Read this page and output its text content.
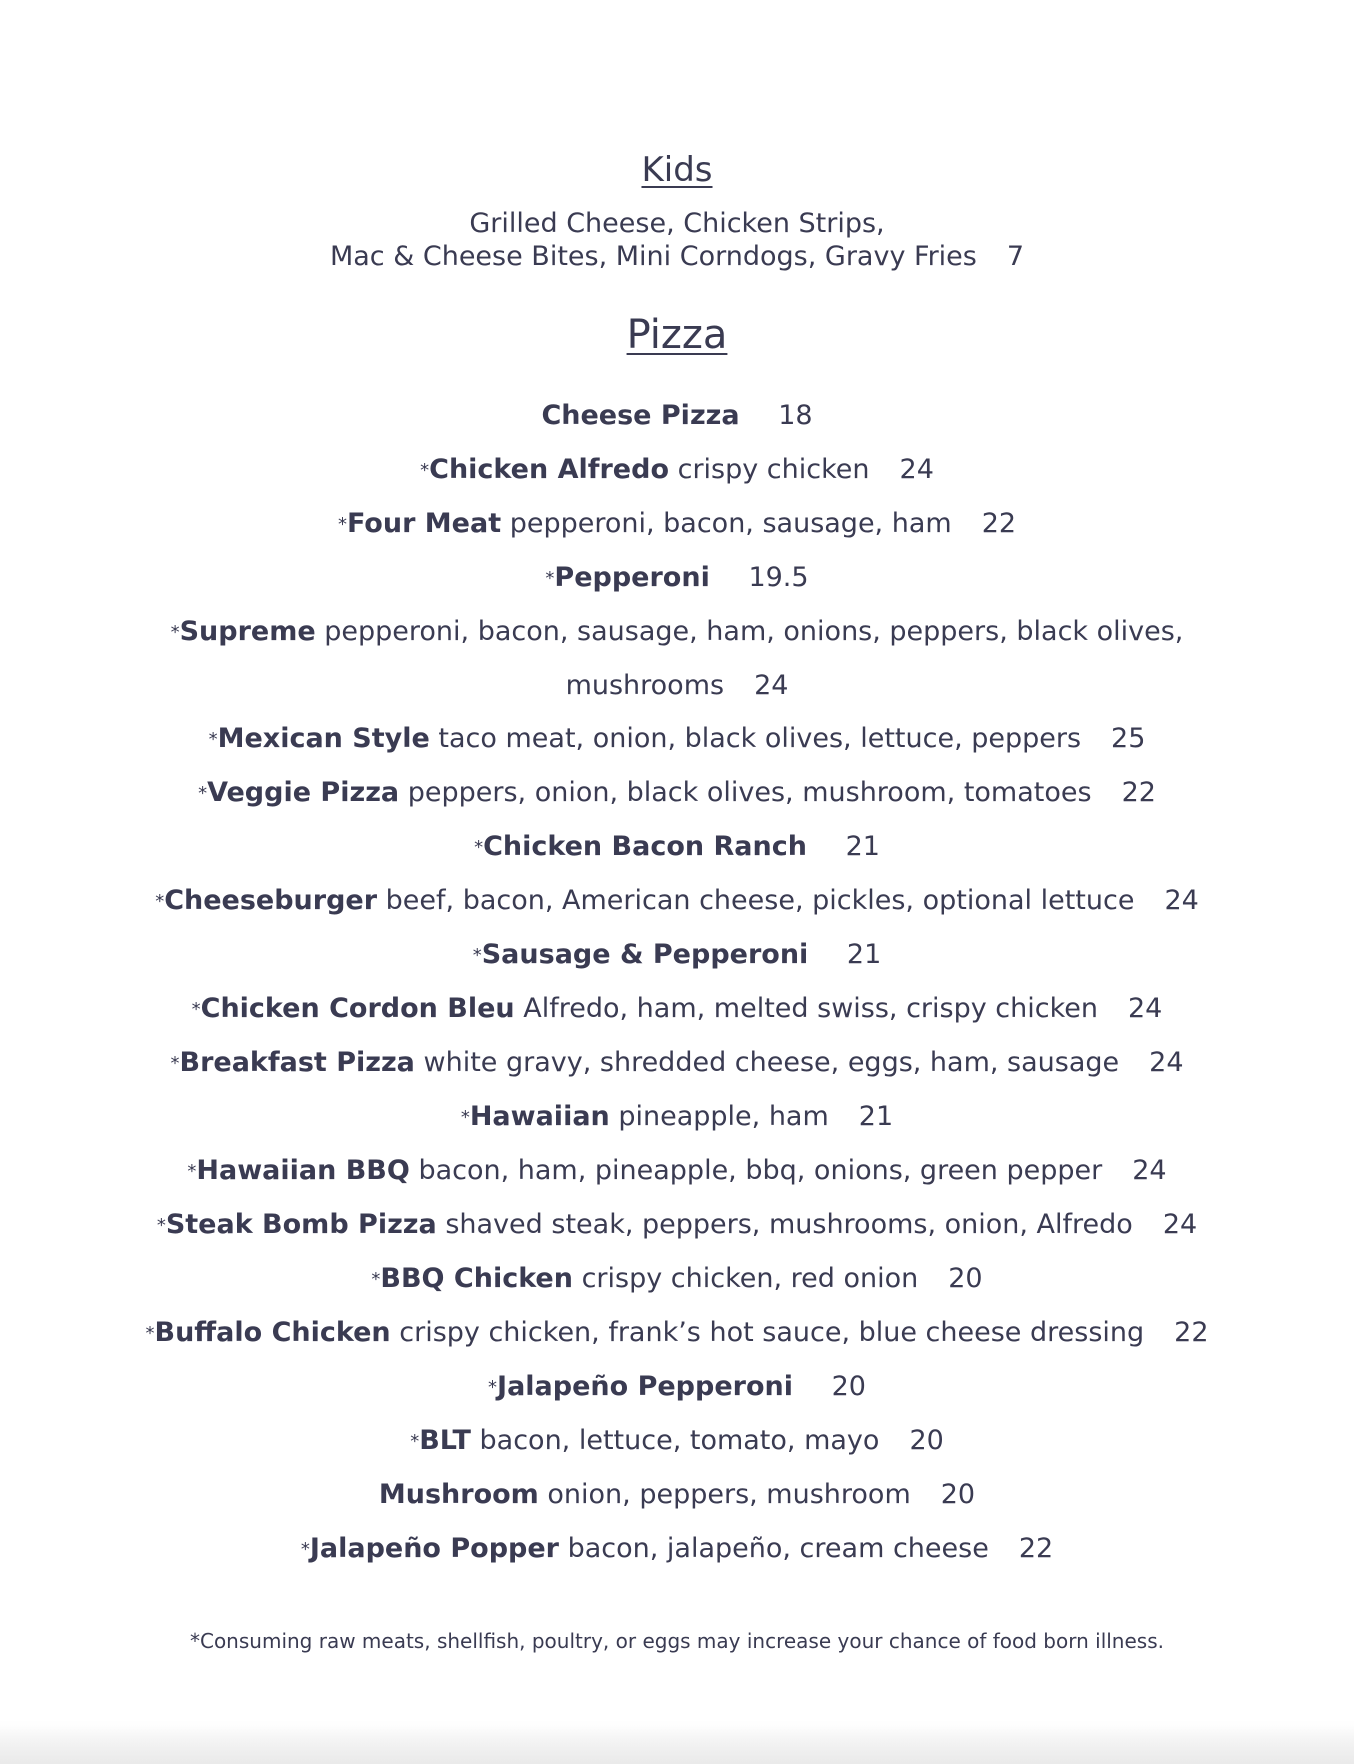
Kids
Grilled Cheese, Chicken Strips,
Mac & Cheese Bites, Mini Corndogs, Gravy Fries 7
Pizza
Cheese Pizza 18
*Chicken Alfredo crispy chicken 24
*Four Meat pepperoni, bacon, sausage, ham 22
*Pepperoni 19.5
*Supreme pepperoni, bacon, sausage, ham, onions, peppers, black olives, mushrooms 24
*Mexican Style taco meat, onion, black olives, lettuce, peppers 25
*Veggie Pizza peppers, onion, black olives, mushroom, tomatoes 22
*Chicken Bacon Ranch 21
*Cheeseburger beef, bacon, American cheese, pickles, optional lettuce 24
*Sausage & Pepperoni 21
*Chicken Cordon Bleu Alfredo, ham, melted swiss, crispy chicken 24
*Breakfast Pizza white gravy, shredded cheese, eggs, ham, sausage 24
*Hawaiian pineapple, ham 21
*Hawaiian BBQ bacon, ham, pineapple, bbq, onions, green pepper 24
*Steak Bomb Pizza shaved steak, peppers, mushrooms, onion, Alfredo 24
*BBQ Chicken crispy chicken, red onion 20
*Buffalo Chicken crispy chicken, frank’s hot sauce, blue cheese dressing 22
*Jalapeño Pepperoni 20
*BLT bacon, lettuce, tomato, mayo 20
Mushroom onion, peppers, mushroom 20
*Jalapeño Popper bacon, jalapeño, cream cheese 22
*Consuming raw meats, shellfish, poultry, or eggs may increase your chance of food born illness.
